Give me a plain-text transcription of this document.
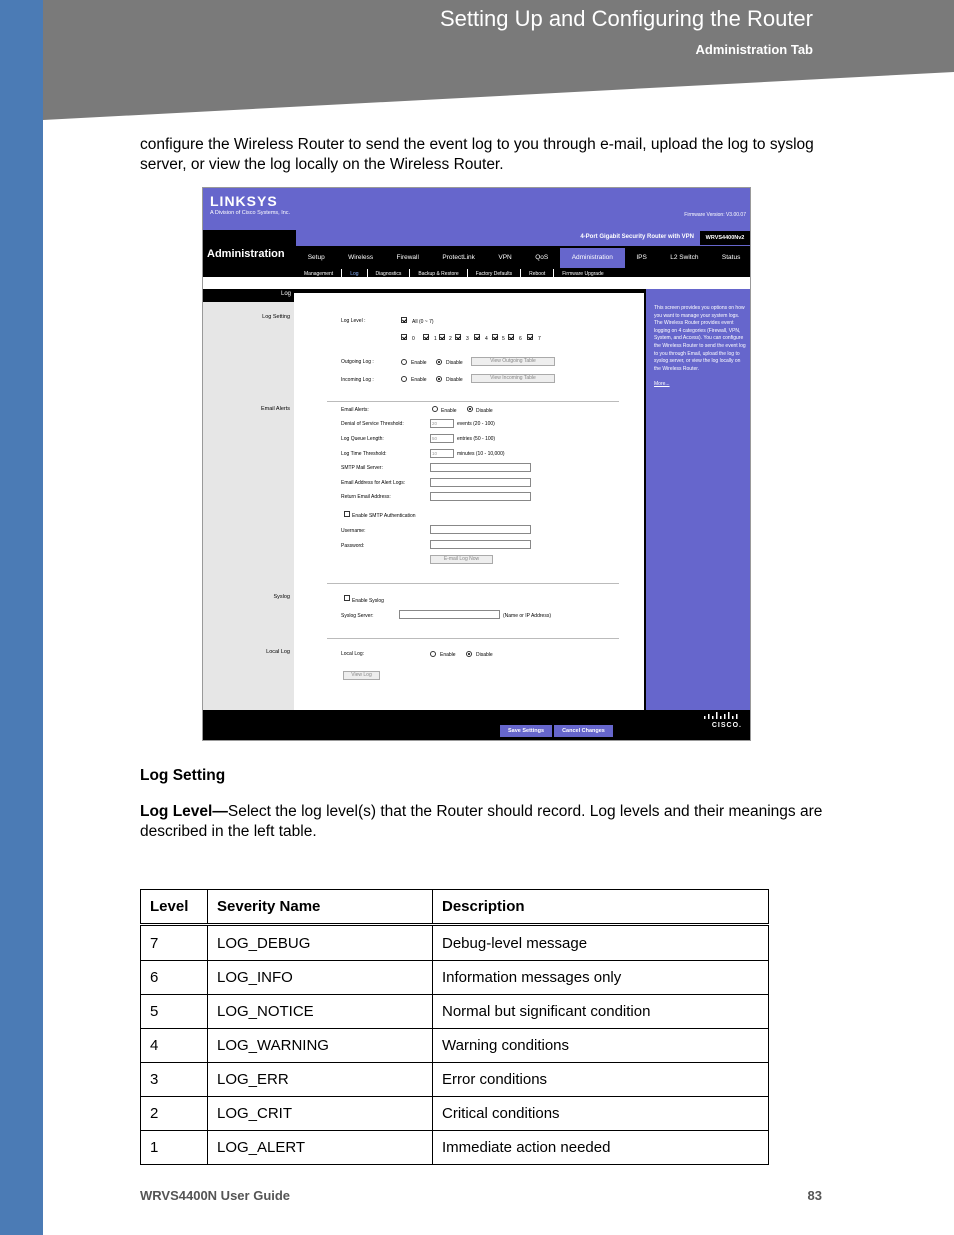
Setting Up and Configuring the Router
Administration Tab

configure the Wireless Router to send the event log to you through e-mail, upload the log to syslog server, or view the log locally on the Wireless Router.

LINKSYS
A Division of Cisco Systems, Inc.	Firmware Version: V3.00.07
Administration
4-Port Gigabit Security Router with VPN	WRVS4400Nv2
Setup	Wireless	Firewall	ProtectLink	VPN	QoS	Administration	IPS	L2 Switch	Status
Management	Log	Diagnostics	Backup & Restore	Factory Defaults	Reboot	Firmware Upgrade
Log
Log Setting
Email Alerts
Syslog
Local Log
Log Level :	All (0 ~ 7)
0	1 2	3	4	5	6	7
Outgoing Log :	Enable	Disable	View Outgoing Table
Incoming Log :	Enable	Disable	View Incoming Table
Email Alerts:	Enable	Disable
Denial of Service Threshold:	20	events (20 - 100)
Log Queue Length:	50	entries (50 - 100)
Log Time Threshold:	10	minutes (10 - 10,000)
SMTP Mail Server:
Email Address for Alert Logs:
Return Email Address:
Enable SMTP Authentication
Username:
Password:
E-mail Log Now
Enable Syslog
Syslog Server:	(Name or IP Address)
Local Log:	Enable	Disable
View Log
This screen provides you options on how you want to manage your system logs. The Wireless Router provides event logging on 4 categories (Firewall, VPN, System, and Access). You can configure the Wireless Router to send the event log to you through Email, upload the log to syslog server, or view the log locally on the Wireless Router.
More...
CISCO.
Save Settings	Cancel Changes
Log Setting

Log Level—Select the log level(s) that the Router should record. Log levels and their meanings are described in the left table.

Level	Severity Name	Description
7	LOG_DEBUG	Debug-level message
6	LOG_INFO	Information messages only
5	LOG_NOTICE	Normal but significant condition
4	LOG_WARNING	Warning conditions
3	LOG_ERR	Error conditions
2	LOG_CRIT	Critical conditions
1	LOG_ALERT	Immediate action needed
WRVS4400N User Guide	83
